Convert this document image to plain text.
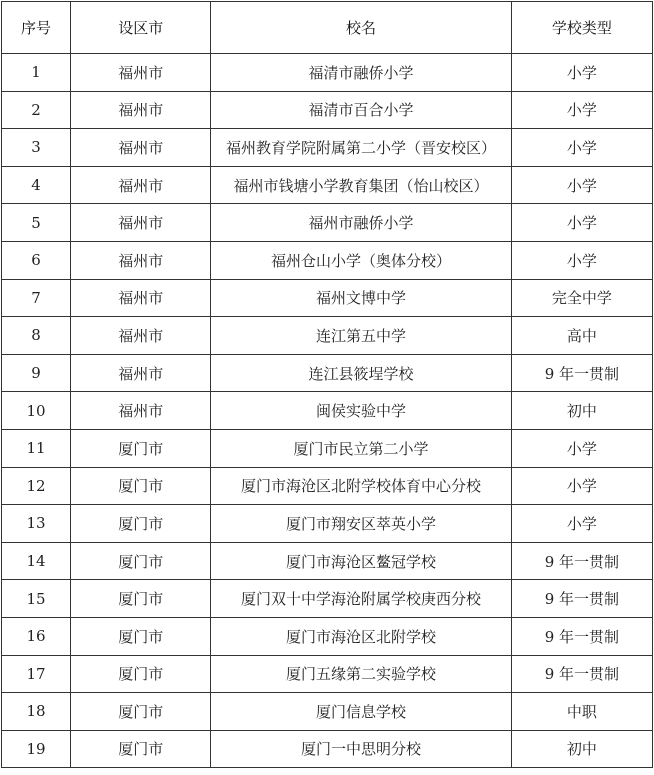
序号	设区市	校名	学校类型
1	福州市	福清市融侨小学	小学
2	福州市	福清市百合小学	小学
3	福州市	福州教育学院附属第二小学（晋安校区）	小学
4	福州市	福州市钱塘小学教育集团（怡山校区）	小学
5	福州市	福州市融侨小学	小学
6	福州市	福州仓山小学（奥体分校）	小学
7	福州市	福州文博中学	完全中学
8	福州市	连江第五中学	高中
9	福州市	连江县筱埕学校	9 年一贯制
10	福州市	闽侯实验中学	初中
11	厦门市	厦门市民立第二小学	小学
12	厦门市	厦门市海沧区北附学校体育中心分校	小学
13	厦门市	厦门市翔安区萃英小学	小学
14	厦门市	厦门市海沧区鳌冠学校	9 年一贯制
15	厦门市	厦门双十中学海沧附属学校庚西分校	9 年一贯制
16	厦门市	厦门市海沧区北附学校	9 年一贯制
17	厦门市	厦门五缘第二实验学校	9 年一贯制
18	厦门市	厦门信息学校	中职
19	厦门市	厦门一中思明分校	初中
